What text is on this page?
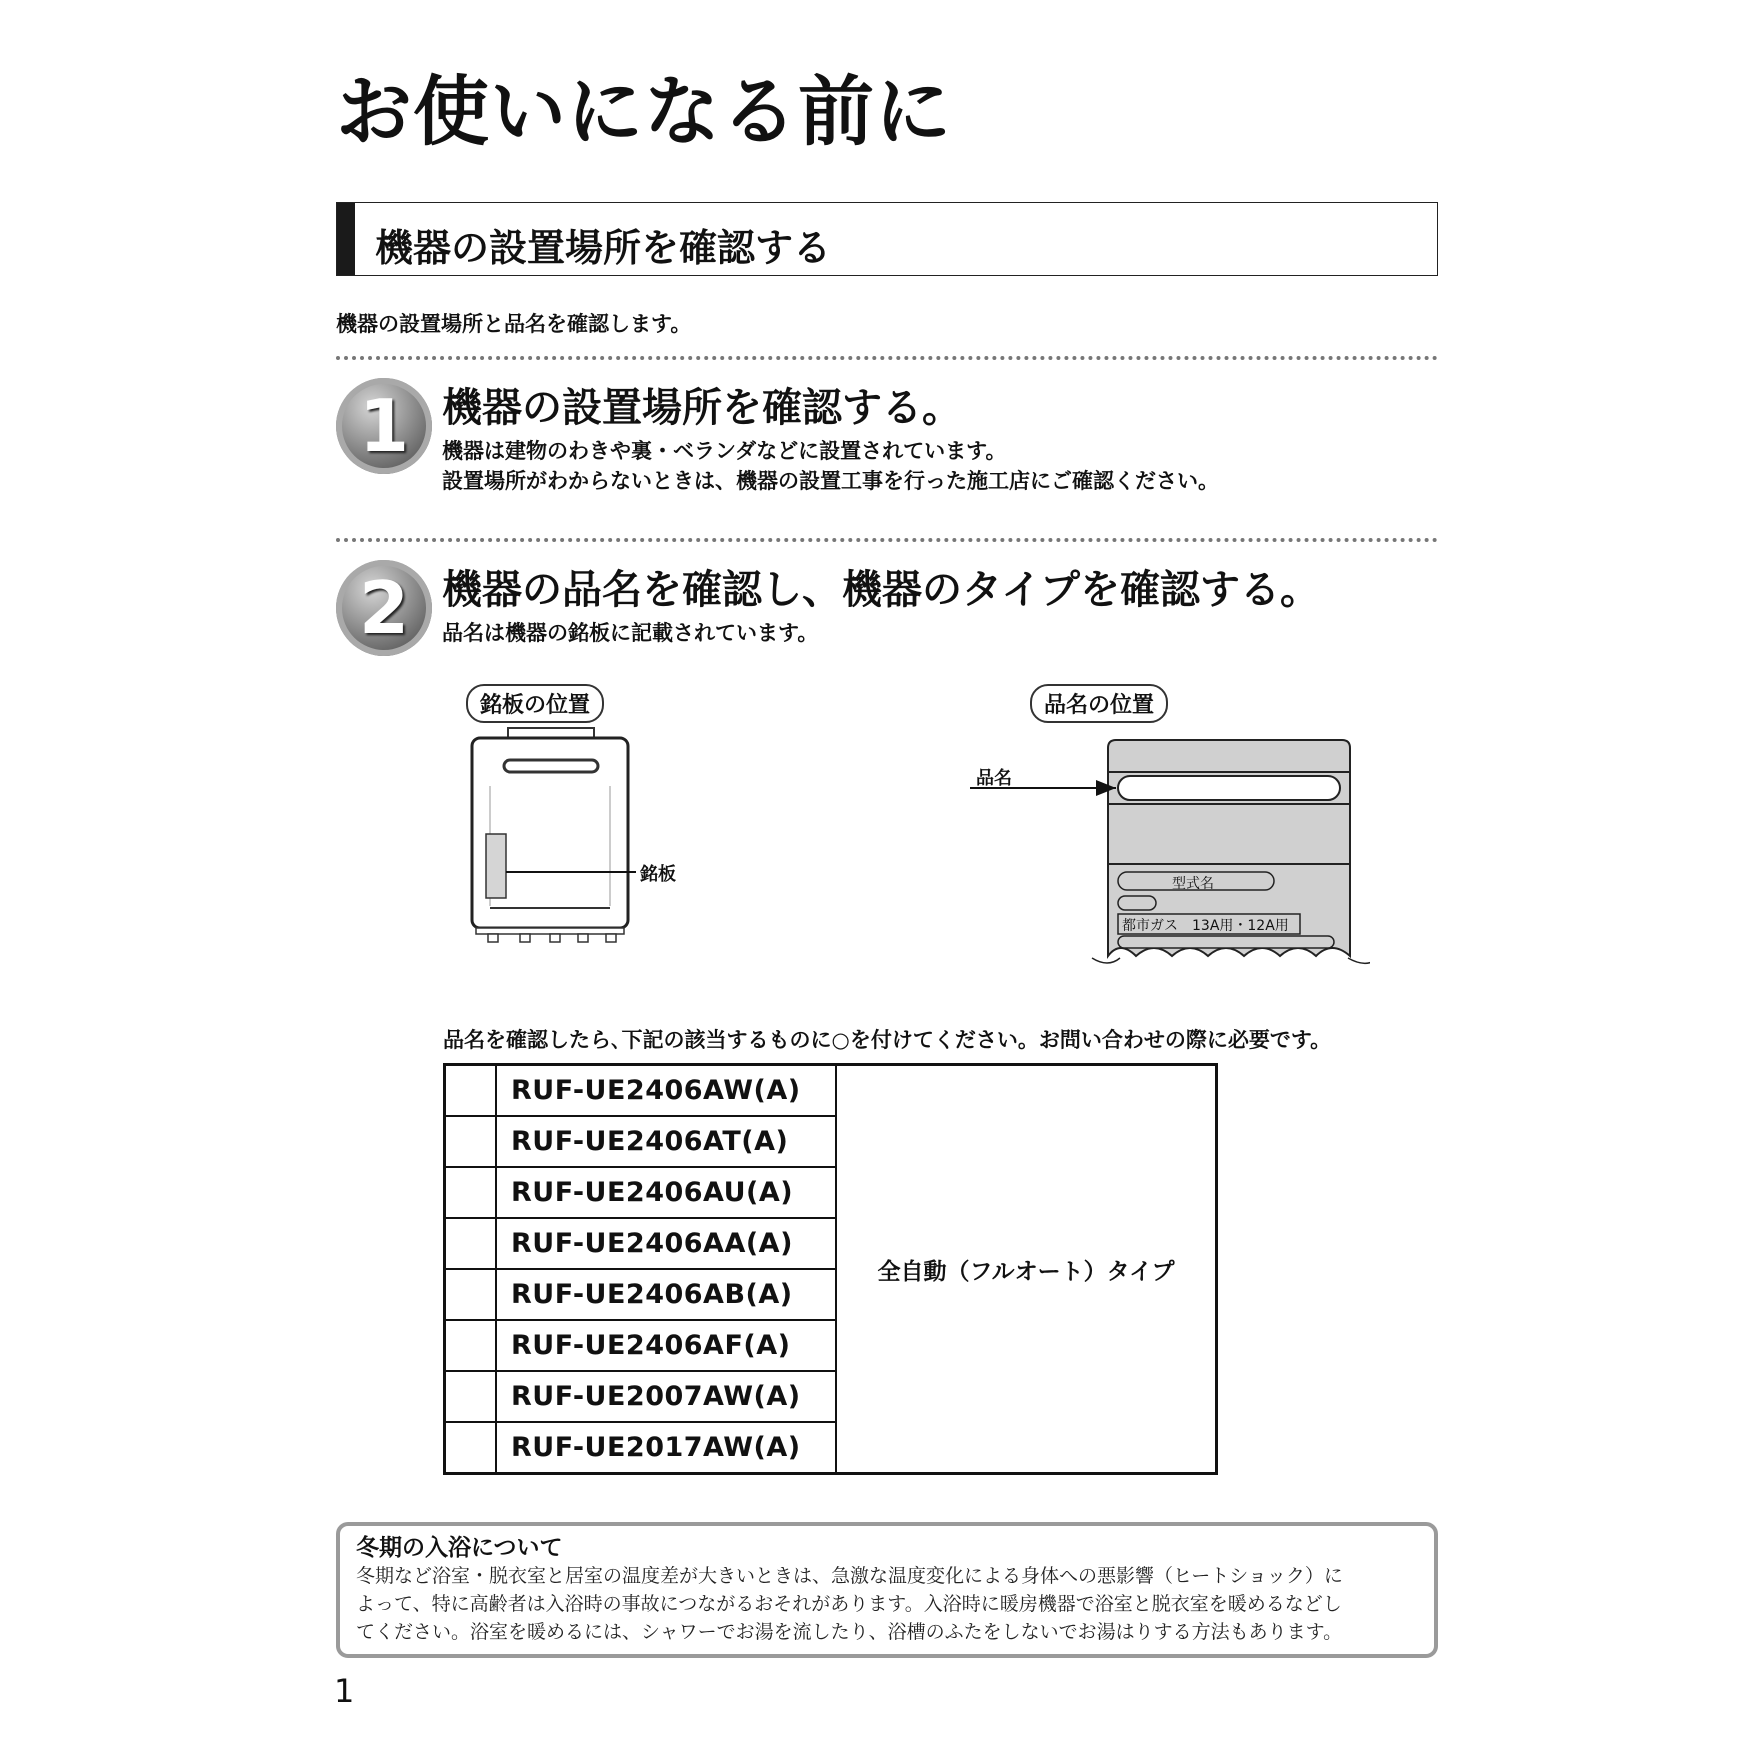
お使いになる前に
機器の設置場所を確認する
機器の設置場所と品名を確認します。
1 機器の設置場所を確認する。
機器は建物のわきや裏・ベランダなどに設置されています。
設置場所がわからないときは、機器の設置工事を行った施工店にご確認ください。
2 機器の品名を確認し、機器のタイプを確認する。
品名は機器の銘板に記載されています。
銘板の位置
銘板
品名の位置
品名
型式名
都市ガス　13A用・12A用
品名を確認したら､下記の該当するものに○を付けてください。お問い合わせの際に必要です。
	RUF-UE2406AW(A)	全自動（フルオート）タイプ
	RUF-UE2406AT(A)	
	RUF-UE2406AU(A)	
	RUF-UE2406AA(A)	
	RUF-UE2406AB(A)	
	RUF-UE2406AF(A)	
	RUF-UE2007AW(A)	
	RUF-UE2017AW(A)	
冬期の入浴について
冬期など浴室・脱衣室と居室の温度差が大きいときは、急激な温度変化による身体への悪影響（ヒートショック）に
よって、特に高齢者は入浴時の事故につながるおそれがあります。入浴時に暖房機器で浴室と脱衣室を暖めるなどし
てください。浴室を暖めるには、シャワーでお湯を流したり、浴槽のふたをしないでお湯はりする方法もあります。
1
